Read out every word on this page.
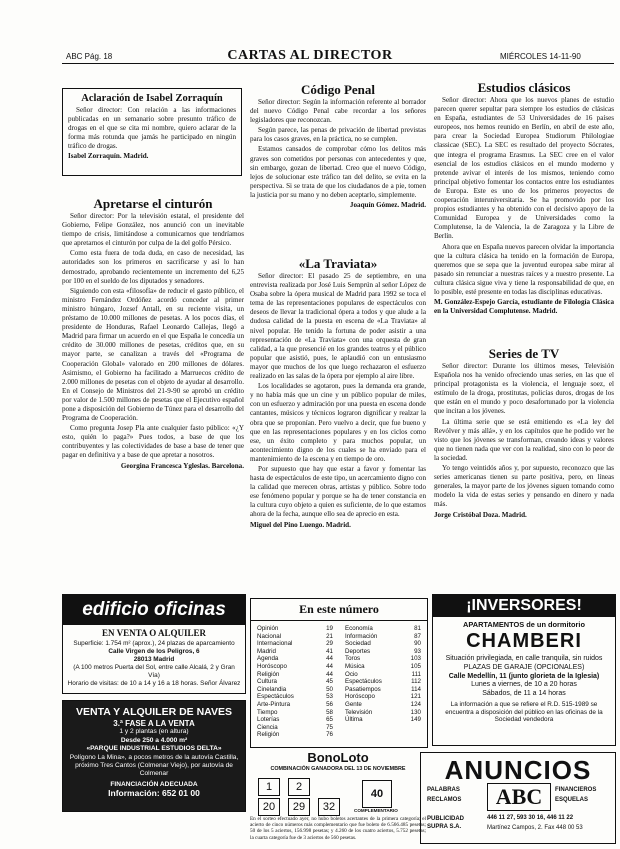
ABC Pág. 18	CARTAS AL DIRECTOR	MIÉRCOLES 14-11-90
Aclaración de Isabel Zorraquín

Señor director: Con relación a las informaciones publicadas en un semanario sobre presunto tráfico de drogas en el que se cita mi nombre, quiero aclarar de la forma más rotunda que jamás he participado en ningún tráfico de drogas.

Isabel Zorraquín. Madrid.
Apretarse el cinturón

Señor director: Por la televisión estatal, el presidente del Gobierno, Felipe González, nos anunció con un inevitable tiempo de crisis, limitándose a comunicarnos que tendríamos que apretarnos el cinturón por culpa de la del golfo Pérsico.

Como esta fuera de toda duda, en caso de necesidad, las autoridades son los primeros en sacrificarse y así lo han demostrado, aprobando recientemente un incremento del 6,25 por 100 en el sueldo de los diputados y senadores.

Siguiendo con esta «filosofía» de reducir el gasto público, el ministro Fernández Ordóñez acordó conceder al primer ministro húngaro, Jozsef Antall, en su reciente visita, un préstamo de 10.000 millones de pesetas. A los pocos días, el presidente de Honduras, Rafael Leonardo Callejas, llegó a Madrid para firmar un acuerdo en el que España le concedía un crédito de 30.000 millones de pesetas, créditos que, en su mayor parte, se canalizan a través del «Programa de Cooperación Global» valorado en 200 millones de dólares. Asimismo, el Gobierno ha facilitado a Marruecos crédito de 2.000 millones de pesetas con el objeto de ayudar al desarrollo. En el Consejo de Ministros del 21-9-90 se aprobó un crédito por valor de 1.500 millones de pesetas que el Ejecutivo español pone a disposición del Gobierno de Túnez para el desarrollo del Programa de Cooperación.

Como pregunta Josep Pla ante cualquier fasto público: «¿Y esto, quién lo paga?» Pues todos, a base de que los contribuyentes y las colectividades de base a base de tener que pagar en definitiva y a base de que apretar a nosotros.

Georgina Francesca Ygleslas. Barcelona.
edificio oficinas
EN VENTA O ALQUILER
Superficie: 1.754 m² (aprox.), 24 plazas de aparcamiento
Calle Virgen de los Peligros, 6
28013 Madrid
(A 100 metros Puerta del Sol, entre calle Alcalá, 2 y Gran Vía)
Horario de visitas: de 10 a 14 y 16 a 18 horas. Señor Álvarez
VENTA Y ALQUILER DE NAVES
3.ª FASE A LA VENTA
1 y 2 plantas (en altura)
Desde 250 a 4.000 m²
«PARQUE INDUSTRIAL ESTUDIOS DELTA»
Polígono La Mina», a pocos metros de la autovía Castilla, próximo Tres Cantos (Colmenar Viejo), por autovía de Colmenar
FINANCIACIÓN ADECUADA
Información: 652 01 00
Código Penal

Señor director: Según la información referente al borrador del nuevo Código Penal cabe recordar a los señores legisladores que reconozcan.

Según parece, las penas de privación de libertad previstas para los casos graves, en la práctica, no se cumplen.

Estamos cansados de comprobar cómo los delitos más graves son cometidos por personas con antecedentes y que, sin embargo, gozan de libertad. Creo que el nuevo Código, lejos de solucionar este tráfico tan del delito, se evita en la perspectiva. Si se trata de que los ciudadanos de a pie, tomen la justicia por su mano y no deben aceptarlo, simplemente.

Joaquín Gómez. Madrid.
«La Traviata»

Señor director: El pasado 25 de septiembre, en una entrevista realizada por José Luis Semprún al señor López de Osaba sobre la ópera musical de Madrid para 1992 se toca el tema de las representaciones populares de espectáculos con deseos de llevar la tradicional ópera a todos y que alude a la dudosa calidad de la puesta en escena de «La Traviata» al nivel popular. He tenido la fortuna de poder asistir a una representación de «La Traviata» con una orquesta de gran calidad, a la que presencié en los grandes teatros y el público popular que asistió, pues, le aplaudió con un entusiasmo mayor que muchos de los que luego rechazaron el esfuerzo realizado en las salas de la ópera por ejemplo al aire libre.

Los localidades se agotaron, pues la demanda era grande, y no había más que un cine y un público popular de miles, con un esfuerzo y admiración por una puesta en escena donde cantantes, músicos y técnicos lograron dignificar y realzar la obra que se proponían. Pero vuelvo a decir, que fue bueno y que en las representaciones populares y en los ciclos como ese, un éxito completo y para muchos popular, un acontecimiento digno de los cuales se ha enviado para el mantenimiento de la escena y en tiempo de oro.

Por supuesto que hay que estar a favor y fomentar las hasta de espectáculos de este tipo, un acercamiento digno con la calidad que merecen obras, artistas y público. Sobre todo ese fenómeno popular y porque se ha de tener constancia en la cultura cuyo objeto a quien es suficiente, de lo que estamos ahora de la fecha, aunque ello sea de aprecio en esta.

Miguel del Pino Luengo. Madrid.
En este número
Opinión	19
Nacional	21
Internacional	29
Madrid	41
Agenda	44
Horóscopo	44
Religión	44
Cultura	45
Cinelandia	50
Espectáculos	53
Arte-Pintura	56
Tiempo	58
Loterías	65
Ciencia	75
Religión	76
Economía	81
Información	87
Sociedad	90
Deportes	93
Toros	103
Música	105
Ocio	111
Espectáculos	112
Pasatiempos	114
Horóscopo	121
Gente	124
Televisión	130
Última	149
BonoLoto
COMBINACIÓN GANADORA DEL 13 DE NOVIEMBRE
1	2
20	29	32
40
COMPLEMENTARIO
En el sorteo efectuado ayer, no hubo boletos acertantes de la primera categoría; el acierto de cinco números más complementario que fue boleto de 6.566.485 pesetas; 50 de los 5 aciertos, 156.998 pesetas; y 4.260 de los cuatro aciertos, 5.752 pesetas; la cuarta categoría fue de 3 aciertos de 560 pesetas.
Estudios clásicos

Señor director: Ahora que los nuevos planes de estudio parecen querer sepultar para siempre los estudios de clásicas en España, estudiantes de 53 Universidades de 16 países europeos, nos hemos reunido en Berlín, en abril de este año, para crear la Sociedad Europea Studiorum Philologiae classicae (SEC). La SEC es resultado del proyecto Sócrates, que integra el programa Erasmus. La SEC cree en el valor esencial de los estudios clásicos en el mundo moderno y pretende avivar el interés de los mismos, teniendo como principal objetivo fomentar los contactos entre los estudiantes de Europa. Este es uno de los primeros proyectos de cooperación interuniversitaria. Se ha promovido por los propios estudiantes y ha obtenido con el decisivo apoyo de la Comunidad Europea y de Universidades como la Complutense, la de Valencia, la de Zaragoza y la Libre de Berlín.

Ahora que en España nuevos parecen olvidar la importancia que la cultura clásica ha tenido en la formación de Europa, queremos que se sepa que la juventud europea sabe mirar al pasado sin renunciar a nuestras raíces y a nuestro presente. La cultura clásica sigue viva y tiene la responsabilidad de que, en lo posible, esté presente en todas las disciplinas educativas.

M. González-Espejo García, estudiante de Filología Clásica en la Universidad Complutense. Madrid.
Series de TV

Señor director: Durante los últimos meses, Televisión Española nos ha venido ofreciendo unas series, en las que el principal protagonista es la violencia, el lenguaje soez, el estímulo de la droga, prostitutas, policías duros, drogas de los que están en el mundo y poco desafortunado por la violencia que incitan a los jóvenes.

La última serie que se está emitiendo es «La ley del Revólver y más allá», y en los capítulos que he podido ver he visto que los jóvenes se transforman, creando ideas y valores que no tienen nada que ver con la realidad, sino con lo peor de la sociedad.

Yo tengo veintidós años y, por supuesto, reconozco que las series americanas tienen su parte positiva, pero, en líneas generales, la mayor parte de los jóvenes siguen tomando como modelo la vida de estas series y pensando en dinero y nada más.

Jorge Cristóbal Doza. Madrid.
¡INVERSORES!
APARTAMENTOS de un dormitorio
CHAMBERI
Situación privilegiada, en calle tranquila, sin ruidos
PLAZAS DE GARAJE (OPCIONALES)
Calle Medellín, 11 (junto glorieta de la Iglesia)
Lunes a viernes, de 10 a 20 horas
Sábados, de 11 a 14 horas
La información a que se refiere el R.D. 515-1989 se encuentra a disposición del público en las oficinas de la Sociedad vendedora
ANUNCIOS
PALABRAS
RECLAMOS	ABC	FINANCIEROS
ESQUELAS
PUBLICIDAD SUPRA S.A.
446 11 27, 593 30 16, 446 11 22
Martínez Campos, 2. Fax 448 00 53
